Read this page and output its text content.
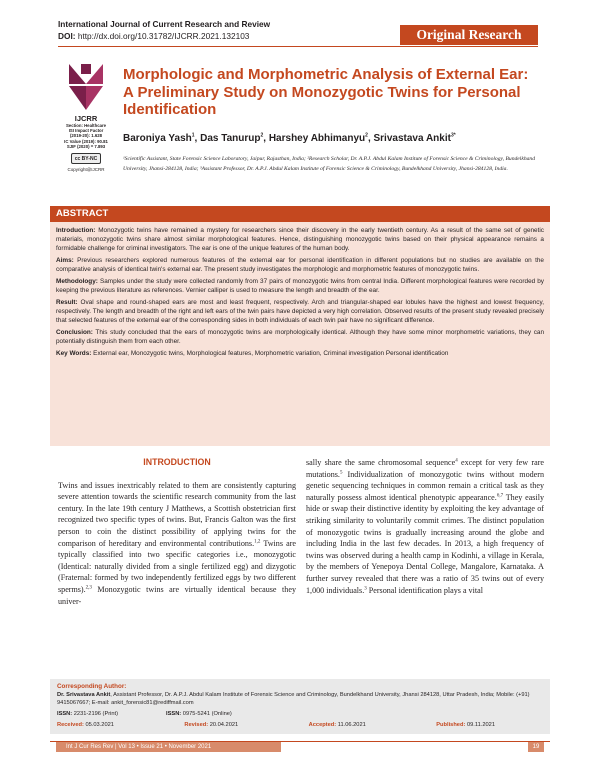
International Journal of Current Research and Review
DOI: http://dx.doi.org/10.31782/IJCRR.2021.132103	Original Research
IJCRR
Section: Healthcare
ISI Impact Factor
(2019-20): 1.628
IC Value (2019): 90.81
SJIF (2020) = 7.893
cc BY-NC
Copyright@IJCRR
Morphologic and Morphometric Analysis of External Ear: A Preliminary Study on Monozygotic Twins for Personal Identification
Baroniya Yash$^1$, Das Tanurup$^2$, Harshey Abhimanyu$^2$, Srivastava Ankit$^{3*}$
¹Scientific Assistant, State Forensic Science Laboratory, Jaipur, Rajasthan, India; ²Research Scholar, Dr. A.P.J. Abdul Kalam Institute of Forensic Science & Criminology, Bundelkhand University, Jhansi-284128, India; ³Assistant Professor, Dr. A.P.J. Abdul Kalam Institute of Forensic Science & Criminology, Bundelkhand University, Jhansi-284128, India.
ABSTRACT

Introduction: Monozygotic twins have remained a mystery for researchers since their discovery in the early twentieth century. As a result of the same set of genetic materials, monozygotic twins share almost similar morphological features. Hence, distinguishing monozygotic twins based on their physical appearance remains a formidable challenge for criminal investigators. The ear is one of the unique features of the human body.

Aims: Previous researchers explored numerous features of the external ear for personal identification in different populations but no studies are available on the comparative analysis of identical twin's external ear. The present study investigates the morphologic and morphometric features of monozygotic twins.

Methodology: Samples under the study were collected randomly from 37 pairs of monozygotic twins from central India. Different morphological features were recorded by keeping the previous literature as references. Vernier calliper is used to measure the length and breadth of the ear.

Result: Oval shape and round-shaped ears are most and least frequent, respectively. Arch and triangular-shaped ear lobules have the highest and lowest frequency, respectively. The length and breadth of the right and left ears of the twin pairs have depicted a very high correlation. Observed results of the present study revealed precisely that selected features of the external ear of the corresponding sides in both individuals of each twin pair have no significant difference.

Conclusion: This study concluded that the ears of monozygotic twins are morphologically identical. Although they have some minor morphometric variations, they can potentially distinguish them from each other.

Key Words: External ear, Monozygotic twins, Morphological features, Morphometric variation, Criminal investigation Personal identification

INTRODUCTION
Twins and issues inextricably related to them are consistently capturing severe attention towards the scientific research community from the last century. In the late 19th century J Matthews, a Scottish obstetrician first recognized two specific types of twins. But, Francis Galton was the first person to coin the distinct possibility of applying twins for the comparison of hereditary and environmental contributions.$^{1,2}$ Twins are typically classified into two specific categories i.e., monozygotic (Identical: naturally divided from a single fertilized egg) and dizygotic (Fraternal: formed by two independently fertilized eggs by two different sperms).$^{2,3}$ Monozygotic twins are virtually identical because they univer-
sally share the same chromosomal sequence$^4$ except for very few rare mutations.$^5$ Individualization of monozygotic twins without modern genetic sequencing techniques in common remain a critical task as they naturally possess almost identical phenotypic appearance.$^{6,7}$ They easily hide or swap their distinctive identity by exploiting the key advantage of striking similarity to voluntarily commit crimes. The distinct population of monozygotic twins is gradually increasing around the globe and including India in the last few decades. In 2013, a high frequency of twins was observed during a health camp in Kodinhi, a village in Kerala, by the members of Yenepoya Dental College, Mangalore, Karnataka. A further survey revealed that there was a ratio of 35 twins out of every 1,000 individuals.$^3$ Personal identification plays a vital
Corresponding Author:
Dr. Srivastava Ankit, Assistant Professor, Dr. A.P.J. Abdul Kalam Institute of Forensic Science and Criminology, Bundelkhand University, Jhansi 284128, Uttar Pradesh, India; Mobile: (+91) 9415067667; E-mail: ankit_forensic81@rediffmail.com
ISSN: 2231-2196 (Print)	ISSN: 0975-5241 (Online)
Received: 05.03.2021	Revised: 20.04.2021	Accepted: 11.06.2021	Published: 09.11.2021
Int J Cur Res Rev | Vol 13 • Issue 21 • November 2021	19
